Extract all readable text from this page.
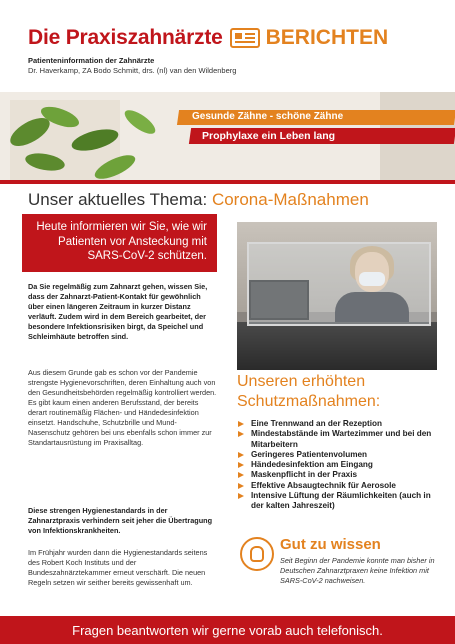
Die Praxiszahnärzte BERICHTEN
Patienteninformation der Zahnärzte
Dr. Haverkamp, ZA Bodo Schmitt, drs. (nl) van den Wildenberg
Gesunde Zähne - schöne Zähne
Prophylaxe ein Leben lang
Unser aktuelles Thema: Corona-Maßnahmen
Heute informieren wir Sie, wie wir Patienten vor Ansteckung mit SARS-CoV-2 schützen.
Da Sie regelmäßig zum Zahnarzt gehen, wissen Sie, dass der Zahnarzt-Patient-Kontakt für gewöhnlich über einen längeren Zeitraum in kurzer Distanz verläuft. Zudem wird in dem Bereich gearbeitet, der besondere Infektionsrisiken birgt, da Speichel und Schleimhäute betroffen sind.
Aus diesem Grunde gab es schon vor der Pandemie strengste Hygienevorschriften, deren Einhaltung auch von den Gesundheitsbehörden regelmäßig kontrolliert werden. Es gibt kaum einen anderen Berufsstand, der bereits derart routinemäßig Flächen- und Händedesinfektion einsetzt. Handschuhe, Schutzbrille und Mund-Nasenschutz gehören bei uns ebenfalls schon immer zur Standartausrüstung im Praxisalltag.
Diese strengen Hygienestandards in der Zahnarztpraxis verhindern seit jeher die Übertragung von Infektionskrankheiten.
Im Frühjahr wurden dann die Hygienestandards seitens des Robert Koch Instituts und der Bundeszahnärztekammer erneut verschärft. Die neuen Regeln setzen wir seither bereits gewissenhaft um.
Unseren erhöhten Schutzmaßnahmen:
Eine Trennwand an der Rezeption
Mindestabstände im Wartezimmer und bei den Mitarbeitern
Geringeres Patientenvolumen
Händedesinfektion am Eingang
Maskenpflicht in der Praxis
Effektive Absaugtechnik für Aerosole
Intensive Lüftung der Räumlichkeiten (auch in der kalten Jahreszeit)
Gut zu wissen
Seit Beginn der Pandemie konnte man bisher in Deutschen Zahnarztpraxen keine Infektion mit SARS-CoV-2 nachweisen.
Fragen beantworten wir gerne vorab auch telefonisch.
